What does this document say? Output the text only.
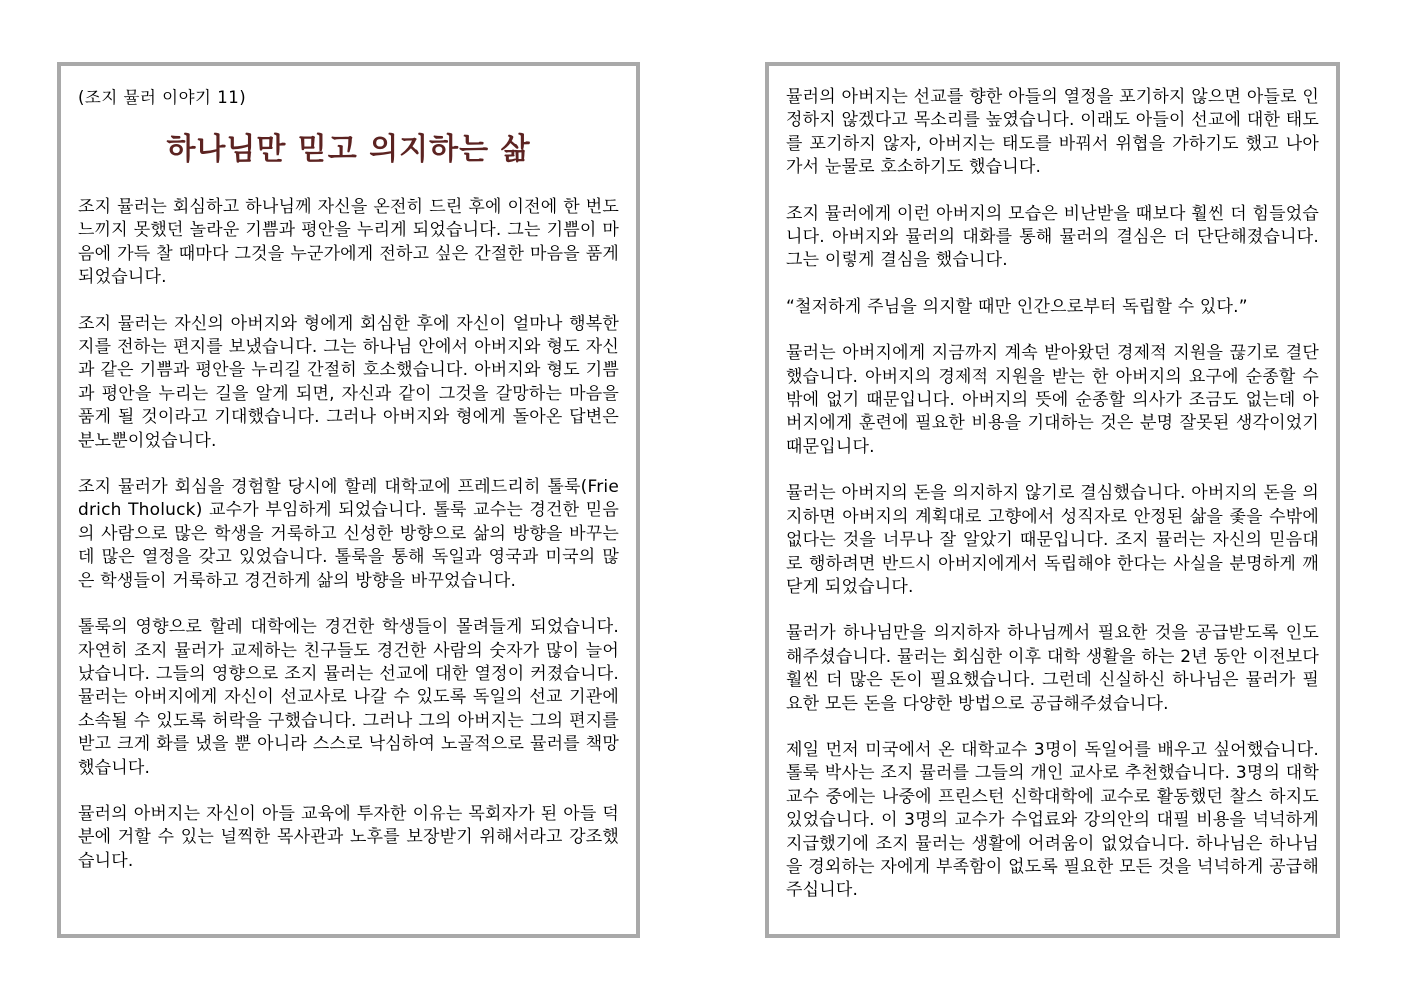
(조지 뮬러 이야기 11)
하나님만 믿고 의지하는 삶

조지 뮬러는 회심하고 하나님께 자신을 온전히 드린 후에 이전에 한 번도 느끼지 못했던 놀라운 기쁨과 평안을 누리게 되었습니다. 그는 기쁨이 마음에 가득 찰 때마다 그것을 누군가에게 전하고 싶은 간절한 마음을 품게 되었습니다.

조지 뮬러는 자신의 아버지와 형에게 회심한 후에 자신이 얼마나 행복한지를 전하는 편지를 보냈습니다. 그는 하나님 안에서 아버지와 형도 자신과 같은 기쁨과 평안을 누리길 간절히 호소했습니다. 아버지와 형도 기쁨과 평안을 누리는 길을 알게 되면, 자신과 같이 그것을 갈망하는 마음을 품게 될 것이라고 기대했습니다. 그러나 아버지와 형에게 돌아온 답변은 분노뿐이었습니다.

조지 뮬러가 회심을 경험할 당시에 할레 대학교에 프레드리히 톨룩(Friedrich Tholuck) 교수가 부임하게 되었습니다. 톨룩 교수는 경건한 믿음의 사람으로 많은 학생을 거룩하고 신성한 방향으로 삶의 방향을 바꾸는데 많은 열정을 갖고 있었습니다. 톨룩을 통해 독일과 영국과 미국의 많은 학생들이 거룩하고 경건하게 삶의 방향을 바꾸었습니다.

톨룩의 영향으로 할레 대학에는 경건한 학생들이 몰려들게 되었습니다. 자연히 조지 뮬러가 교제하는 친구들도 경건한 사람의 숫자가 많이 늘어났습니다. 그들의 영향으로 조지 뮬러는 선교에 대한 열정이 커졌습니다. 뮬러는 아버지에게 자신이 선교사로 나갈 수 있도록 독일의 선교 기관에 소속될 수 있도록 허락을 구했습니다. 그러나 그의 아버지는 그의 편지를 받고 크게 화를 냈을 뿐 아니라 스스로 낙심하여 노골적으로 뮬러를 책망했습니다.

뮬러의 아버지는 자신이 아들 교육에 투자한 이유는 목회자가 된 아들 덕분에 거할 수 있는 널찍한 목사관과 노후를 보장받기 위해서라고 강조했습니다.

뮬러의 아버지는 선교를 향한 아들의 열정을 포기하지 않으면 아들로 인정하지 않겠다고 목소리를 높였습니다. 이래도 아들이 선교에 대한 태도를 포기하지 않자, 아버지는 태도를 바꿔서 위협을 가하기도 했고 나아가서 눈물로 호소하기도 했습니다.

조지 뮬러에게 이런 아버지의 모습은 비난받을 때보다 훨씬 더 힘들었습니다. 아버지와 뮬러의 대화를 통해 뮬러의 결심은 더 단단해졌습니다. 그는 이렇게 결심을 했습니다.

“철저하게 주님을 의지할 때만 인간으로부터 독립할 수 있다.”

뮬러는 아버지에게 지금까지 계속 받아왔던 경제적 지원을 끊기로 결단했습니다. 아버지의 경제적 지원을 받는 한 아버지의 요구에 순종할 수밖에 없기 때문입니다. 아버지의 뜻에 순종할 의사가 조금도 없는데 아버지에게 훈련에 필요한 비용을 기대하는 것은 분명 잘못된 생각이었기 때문입니다.

뮬러는 아버지의 돈을 의지하지 않기로 결심했습니다. 아버지의 돈을 의지하면 아버지의 계획대로 고향에서 성직자로 안정된 삶을 좇을 수밖에 없다는 것을 너무나 잘 알았기 때문입니다. 조지 뮬러는 자신의 믿음대로 행하려면 반드시 아버지에게서 독립해야 한다는 사실을 분명하게 깨닫게 되었습니다.

뮬러가 하나님만을 의지하자 하나님께서 필요한 것을 공급받도록 인도해주셨습니다. 뮬러는 회심한 이후 대학 생활을 하는 2년 동안 이전보다 훨씬 더 많은 돈이 필요했습니다. 그런데 신실하신 하나님은 뮬러가 필요한 모든 돈을 다양한 방법으로 공급해주셨습니다.

제일 먼저 미국에서 온 대학교수 3명이 독일어를 배우고 싶어했습니다. 톨룩 박사는 조지 뮬러를 그들의 개인 교사로 추천했습니다. 3명의 대학교수 중에는 나중에 프린스턴 신학대학에 교수로 활동했던 찰스 하지도 있었습니다. 이 3명의 교수가 수업료와 강의안의 대필 비용을 넉넉하게 지급했기에 조지 뮬러는 생활에 어려움이 없었습니다. 하나님은 하나님을 경외하는 자에게 부족함이 없도록 필요한 모든 것을 넉넉하게 공급해주십니다.
